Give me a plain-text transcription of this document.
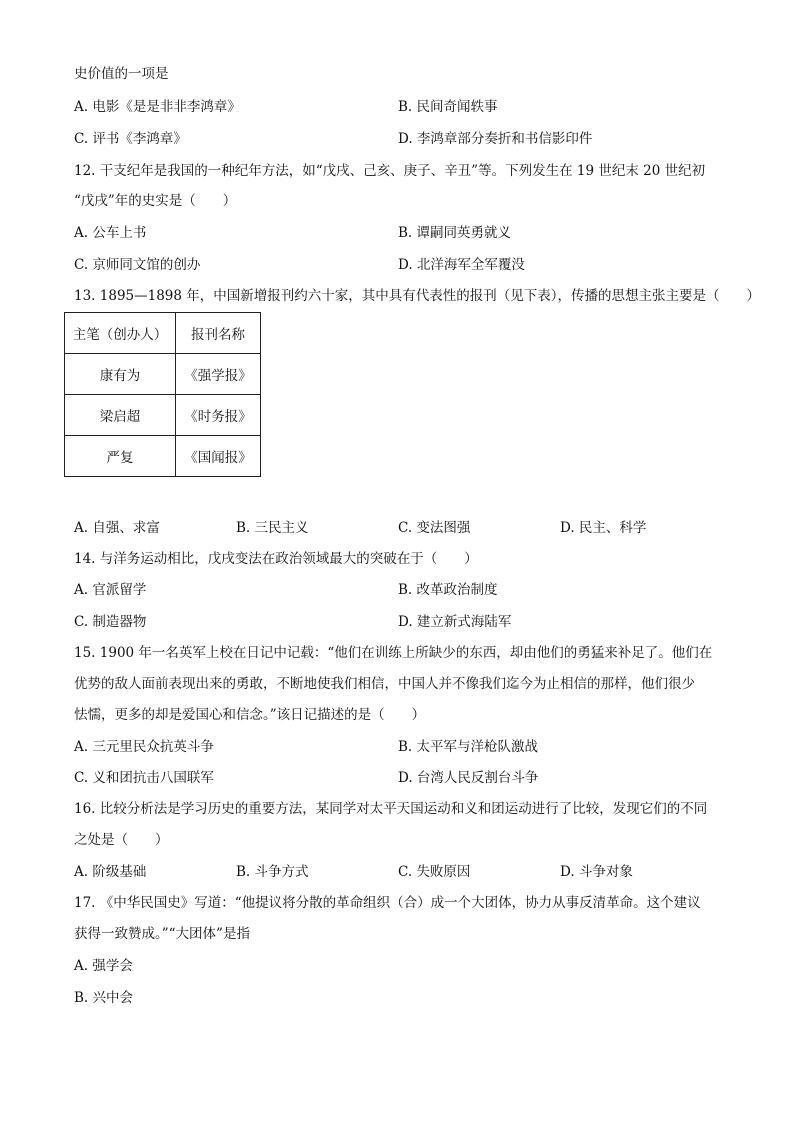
史价值的一项是
A. 电影《是是非非李鸿章》	B. 民间奇闻轶事
C. 评书《李鸿章》	D. 李鸿章部分奏折和书信影印件
12. 干支纪年是我国的一种纪年方法，如“戊戌、己亥、庚子、辛丑”等。下列发生在 19 世纪末 20 世纪初
“戊戌”年的史实是（　　）
A. 公车上书	B. 谭嗣同英勇就义
C. 京师同文馆的创办	D. 北洋海军全军覆没
13. 1895—1898 年，中国新增报刊约六十家，其中具有代表性的报刊（见下表），传播的思想主张主要是（　　）
主笔（创办人）	报刊名称
康有为	《强学报》
梁启超	《时务报》
严复	《国闻报》
A. 自强、求富	B. 三民主义	C. 变法图强	D. 民主、科学
14. 与洋务运动相比，戊戌变法在政治领域最大的突破在于（　　）
A. 官派留学	B. 改革政治制度
C. 制造器物	D. 建立新式海陆军
15. 1900 年一名英军上校在日记中记载：“他们在训练上所缺少的东西，却由他们的勇猛来补足了。他们在
优势的敌人面前表现出来的勇敢，不断地使我们相信，中国人并不像我们迄今为止相信的那样，他们很少
怯懦，更多的却是爱国心和信念。”该日记描述的是（　　）
A. 三元里民众抗英斗争	B. 太平军与洋枪队激战
C. 义和团抗击八国联军	D. 台湾人民反割台斗争
16. 比较分析法是学习历史的重要方法，某同学对太平天国运动和义和团运动进行了比较，发现它们的不同
之处是（　　）
A. 阶级基础	B. 斗争方式	C. 失败原因	D. 斗争对象
17. 《中华民国史》写道：“他提议将分散的革命组织（合）成一个大团体，协力从事反清革命。这个建议
获得一致赞成。”“大团体”是指
A. 强学会
B. 兴中会
